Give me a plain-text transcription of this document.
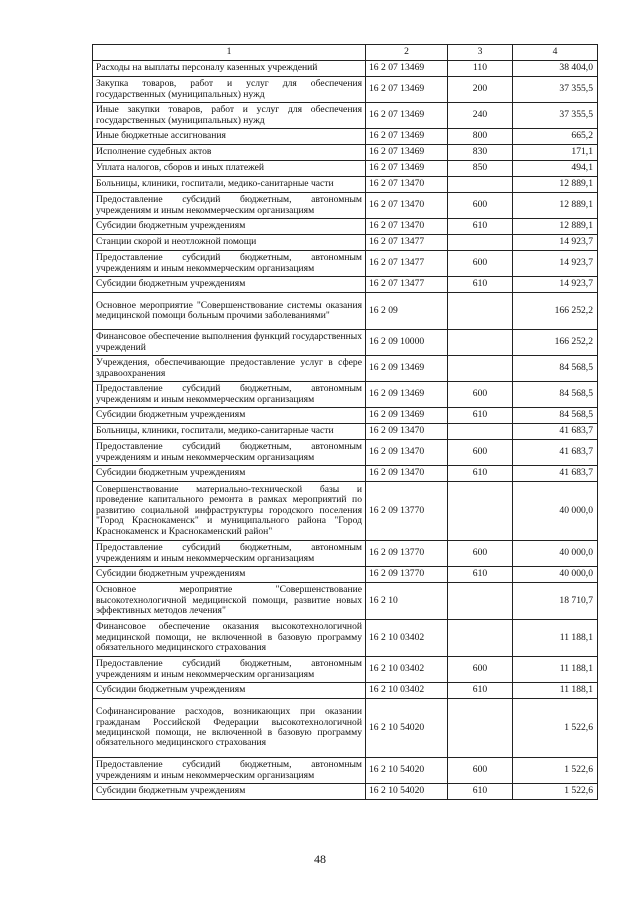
1	2	3	4
Расходы на выплаты персоналу казенных учреждений	16 2 07 13469	110	38 404,0
Закупка товаров, работ и услуг для обеспечения государственных (муниципальных) нужд	16 2 07 13469	200	37 355,5
Иные закупки товаров, работ и услуг для обеспечения государственных (муниципальных) нужд	16 2 07 13469	240	37 355,5
Иные бюджетные ассигнования	16 2 07 13469	800	665,2
Исполнение судебных актов	16 2 07 13469	830	171,1
Уплата налогов, сборов и иных платежей	16 2 07 13469	850	494,1
Больницы, клиники, госпитали, медико-санитарные части	16 2 07 13470		12 889,1
Предоставление субсидий бюджетным, автономным учреждениям и иным некоммерческим организациям	16 2 07 13470	600	12 889,1
Субсидии бюджетным учреждениям	16 2 07 13470	610	12 889,1
Станции скорой и неотложной помощи	16 2 07 13477		14 923,7
Предоставление субсидий бюджетным, автономным учреждениям и иным некоммерческим организациям	16 2 07 13477	600	14 923,7
Субсидии бюджетным учреждениям	16 2 07 13477	610	14 923,7
Основное мероприятие "Совершенствование системы оказания медицинской помощи больным прочими заболеваниями"	16 2 09		166 252,2
Финансовое обеспечение выполнения функций государственных учреждений	16 2 09 10000		166 252,2
Учреждения, обеспечивающие предоставление услуг в сфере здравоохранения	16 2 09 13469		84 568,5
Предоставление субсидий бюджетным, автономным учреждениям и иным некоммерческим организациям	16 2 09 13469	600	84 568,5
Субсидии бюджетным учреждениям	16 2 09 13469	610	84 568,5
Больницы, клиники, госпитали, медико-санитарные части	16 2 09 13470		41 683,7
Предоставление субсидий бюджетным, автономным учреждениям и иным некоммерческим организациям	16 2 09 13470	600	41 683,7
Субсидии бюджетным учреждениям	16 2 09 13470	610	41 683,7
Совершенствование материально-технической базы и проведение капитального ремонта в рамках мероприятий по развитию социальной инфраструктуры городского поселения "Город Краснокаменск" и муниципального района "Город Краснокаменск и Краснокаменский район"	16 2 09 13770		40 000,0
Предоставление субсидий бюджетным, автономным учреждениям и иным некоммерческим организациям	16 2 09 13770	600	40 000,0
Субсидии бюджетным учреждениям	16 2 09 13770	610	40 000,0
Основное мероприятие "Совершенствование высокотехнологичной медицинской помощи, развитие новых эффективных методов лечения"	16 2 10		18 710,7
Финансовое обеспечение оказания высокотехнологичной медицинской помощи, не включенной в базовую программу обязательного медицинского страхования	16 2 10 03402		11 188,1
Предоставление субсидий бюджетным, автономным учреждениям и иным некоммерческим организациям	16 2 10 03402	600	11 188,1
Субсидии бюджетным учреждениям	16 2 10 03402	610	11 188,1
Софинансирование расходов, возникающих при оказании гражданам Российской Федерации высокотехнологичной медицинской помощи, не включенной в базовую программу обязательного медицинского страхования	16 2 10 54020		1 522,6
Предоставление субсидий бюджетным, автономным учреждениям и иным некоммерческим организациям	16 2 10 54020	600	1 522,6
Субсидии бюджетным учреждениям	16 2 10 54020	610	1 522,6
48
